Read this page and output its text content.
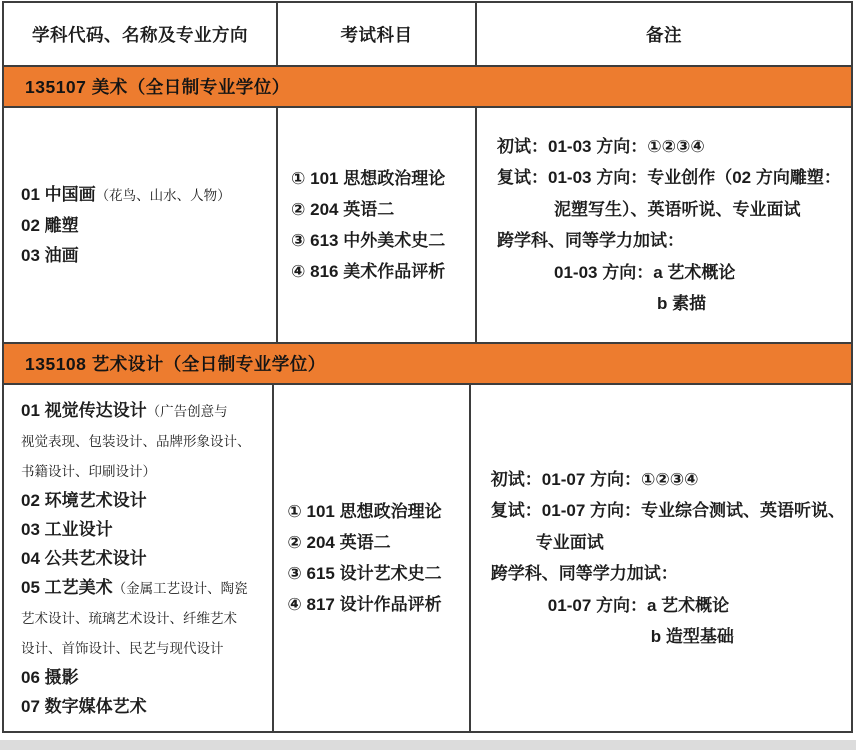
学科代码、名称及专业方向	考试科目	备注
135107 美术（全日制专业学位）
01 中国画（花鸟、山水、人物）
02 雕塑
03 油画
① 101 思想政治理论
② 204 英语二
③ 613 中外美术史二
④ 816 美术作品评析
初试：01-03 方向：①②③④
复试：01-03 方向：专业创作（02 方向雕塑：
泥塑写生）、英语听说、专业面试
跨学科、同等学力加试：
01-03 方向：a 艺术概论
b 素描
135108 艺术设计（全日制专业学位）
01 视觉传达设计（广告创意与
视觉表现、包装设计、品牌形象设计、
书籍设计、印刷设计）
02 环境艺术设计
03 工业设计
04 公共艺术设计
05 工艺美术（金属工艺设计、陶瓷
艺术设计、琉璃艺术设计、纤维艺术
设计、首饰设计、民艺与现代设计
06 摄影
07 数字媒体艺术
① 101 思想政治理论
② 204 英语二
③ 615 设计艺术史二
④ 817 设计作品评析
初试：01-07 方向：①②③④
复试：01-07 方向：专业综合测试、英语听说、
专业面试
跨学科、同等学力加试：
01-07 方向：a 艺术概论
b 造型基础
